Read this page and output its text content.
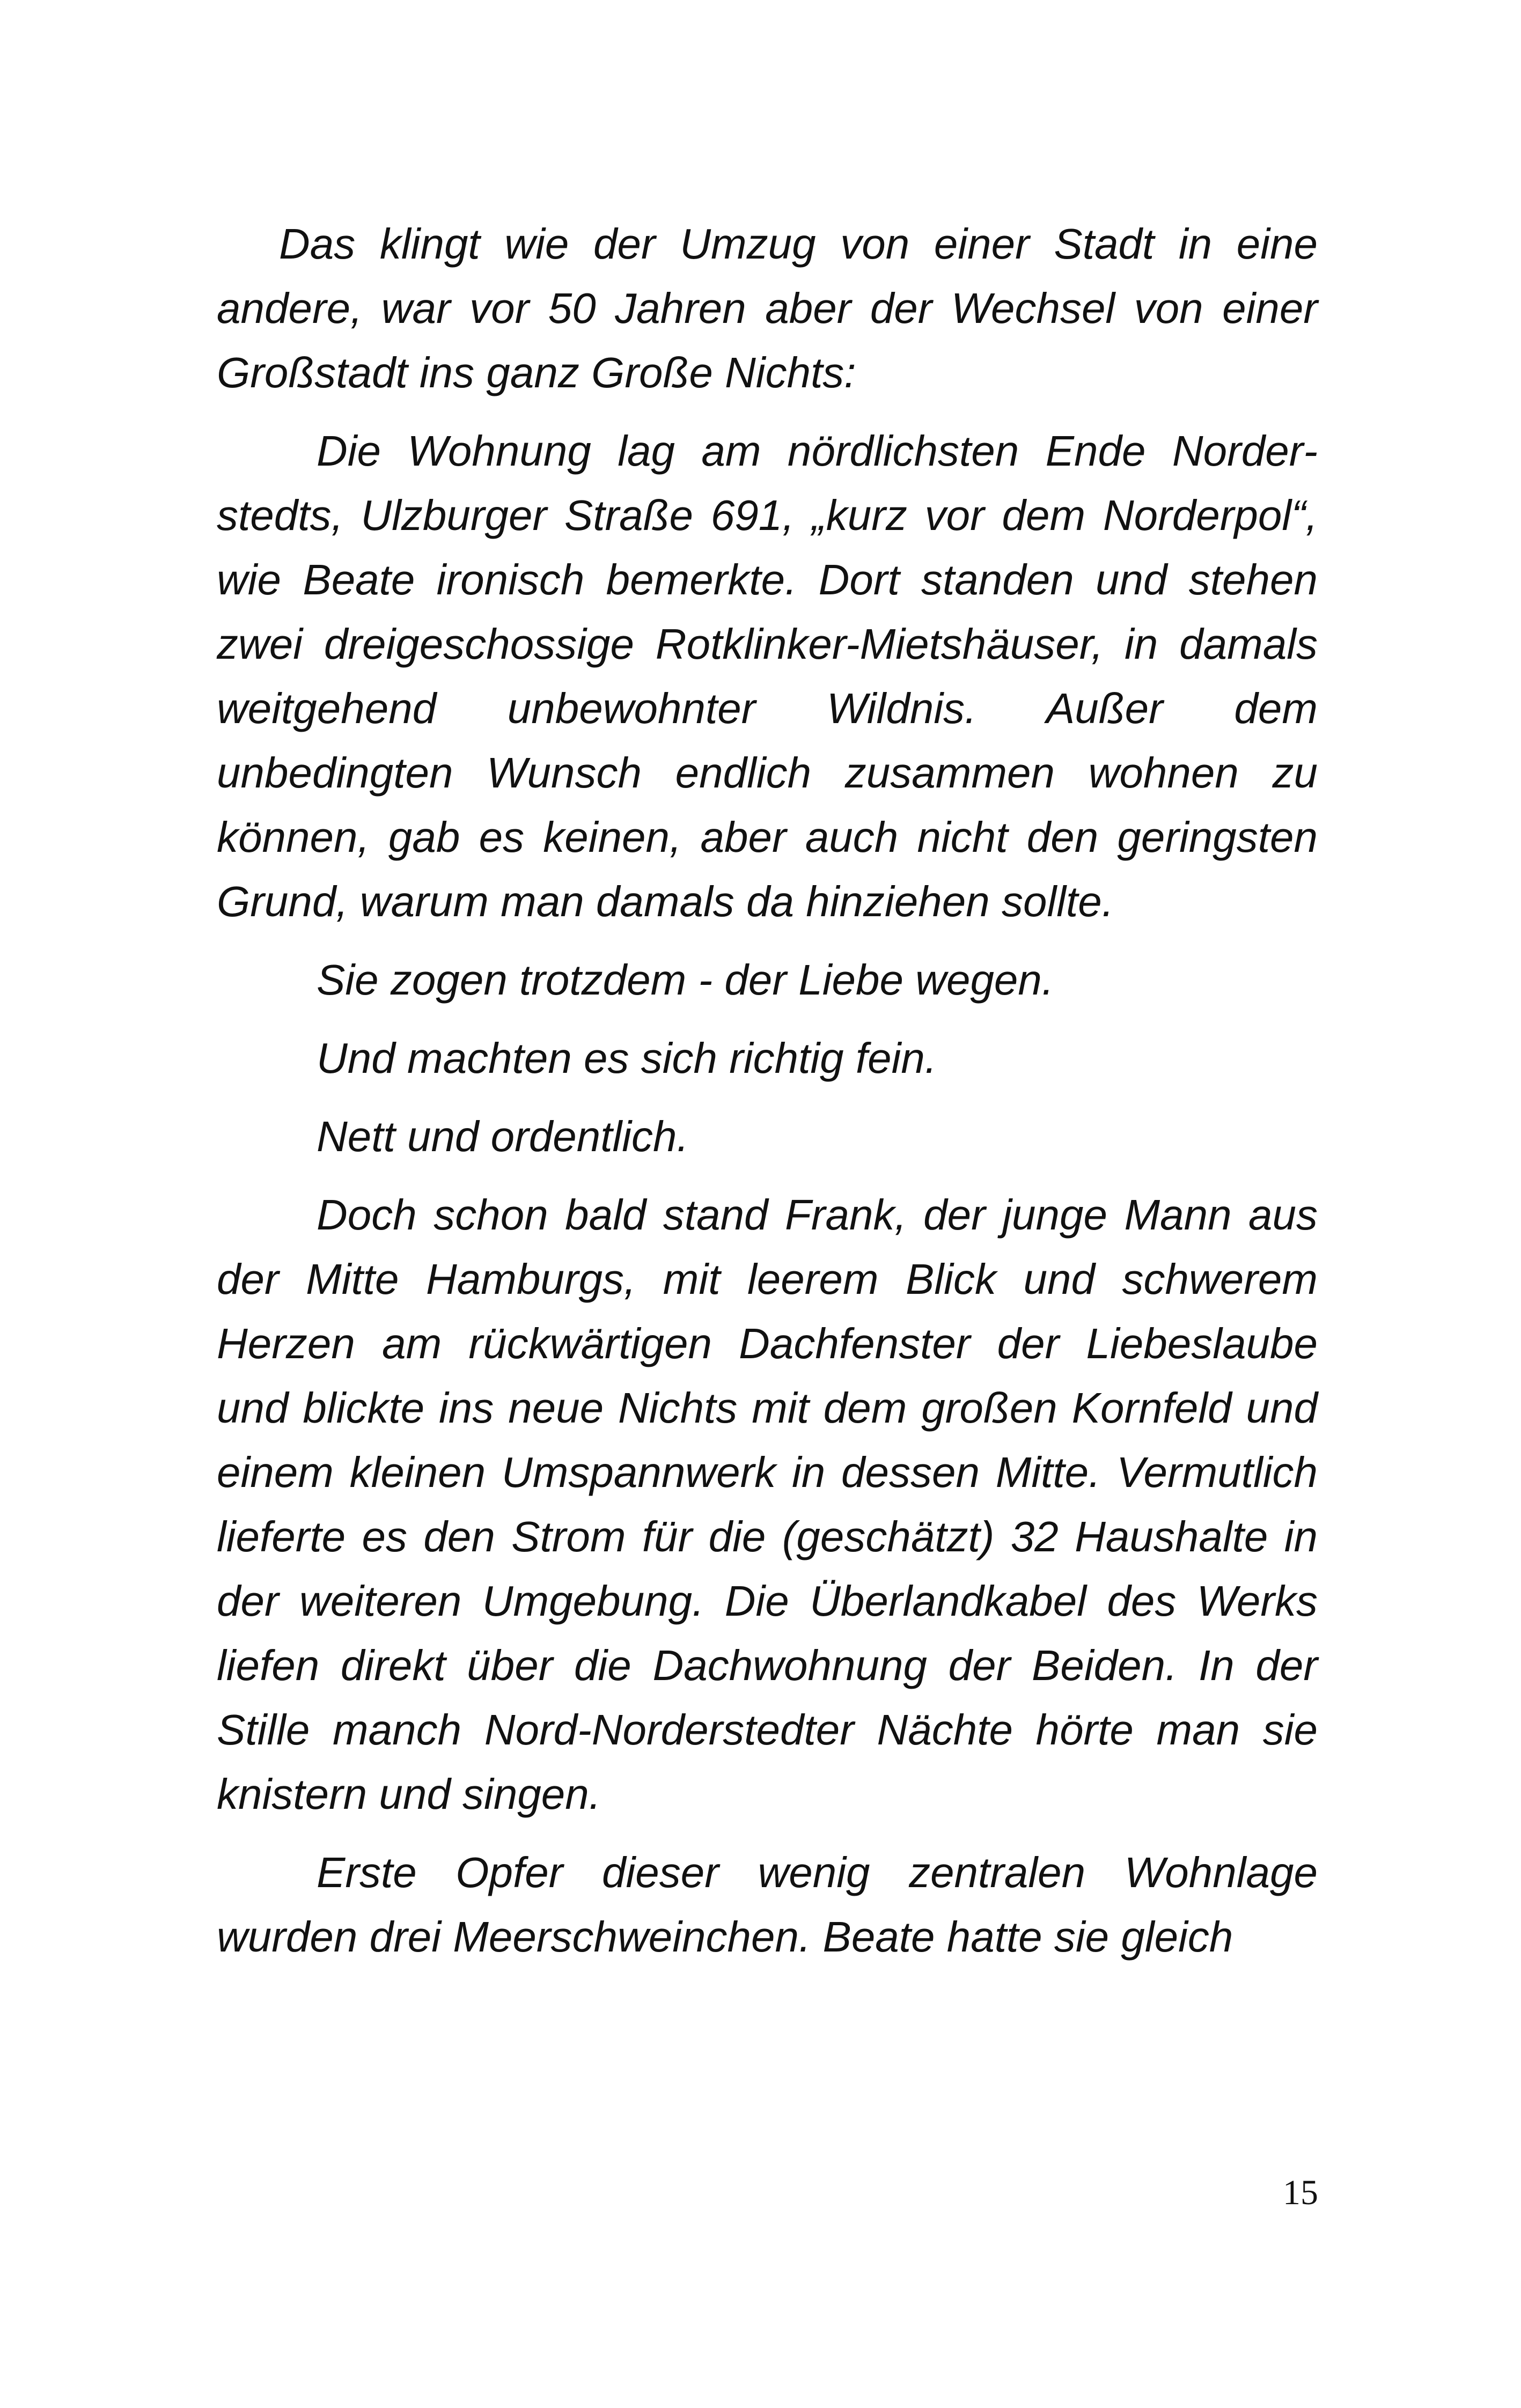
Das klingt wie der Umzug von einer Stadt in eine andere, war vor 50 Jahren aber der Wechsel von einer Großstadt ins ganz Große Nichts:

Die Wohnung lag am nördlichsten Ende Norderstedts, Ulzburger Straße 691, „kurz vor dem Norderpol“, wie Beate ironisch bemerkte. Dort standen und stehen zwei dreigeschossige Rotklinker-Mietshäuser, in damals weitgehend unbewohnter Wildnis. Außer dem unbedingten Wunsch endlich zusammen wohnen zu können, gab es keinen, aber auch nicht den geringsten Grund, warum man damals da hinziehen sollte.

Sie zogen trotzdem - der Liebe wegen.

Und machten es sich richtig fein.

Nett und ordentlich.

Doch schon bald stand Frank, der junge Mann aus der Mitte Hamburgs, mit leerem Blick und schwerem Herzen am rückwärtigen Dachfenster der Liebeslaube und blickte ins neue Nichts mit dem großen Kornfeld und einem kleinen Umspannwerk in dessen Mitte. Vermutlich lieferte es den Strom für die (geschätzt) 32 Haushalte in der weiteren Umgebung. Die Überlandkabel des Werks liefen direkt über die Dachwohnung der Beiden. In der Stille manch Nord-Norderstedter Nächte hörte man sie knistern und singen.

Erste Opfer dieser wenig zentralen Wohnlage wurden drei Meerschweinchen. Beate hatte sie gleich

15
